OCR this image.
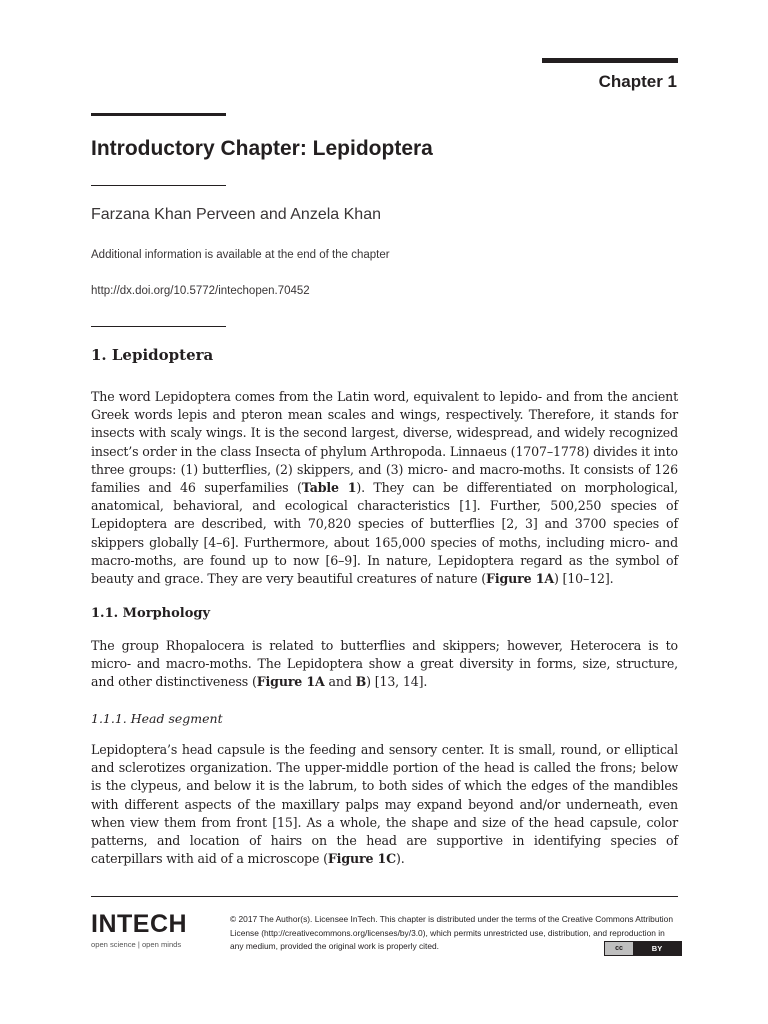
Chapter 1
Introductory Chapter: Lepidoptera
Farzana Khan Perveen and Anzela Khan
Additional information is available at the end of the chapter
http://dx.doi.org/10.5772/intechopen.70452
1. Lepidoptera
The word Lepidoptera comes from the Latin word, equivalent to lepido- and from the ancient Greek words lepis and pteron mean scales and wings, respectively. Therefore, it stands for insects with scaly wings. It is the second largest, diverse, widespread, and widely recognized insect’s order in the class Insecta of phylum Arthropoda. Linnaeus (1707–1778) divides it into three groups: (1) butterflies, (2) skippers, and (3) micro- and macro-moths. It consists of 126 families and 46 superfamilies (Table 1). They can be differentiated on morphological, anatomical, behavioral, and ecological characteristics [1]. Further, 500,250 species of Lepidoptera are described, with 70,820 species of butterflies [2, 3] and 3700 species of skippers globally [4–6]. Furthermore, about 165,000 species of moths, including micro- and macro-moths, are found up to now [6–9]. In nature, Lepidoptera regard as the symbol of beauty and grace. They are very beautiful creatures of nature (Figure 1A) [10–12].
1.1. Morphology
The group Rhopalocera is related to butterflies and skippers; however, Heterocera is to micro- and macro-moths. The Lepidoptera show a great diversity in forms, size, structure, and other distinctiveness (Figure 1A and B) [13, 14].
1.1.1. Head segment
Lepidoptera’s head capsule is the feeding and sensory center. It is small, round, or elliptical and sclerotizes organization. The upper-middle portion of the head is called the frons; below is the clypeus, and below it is the labrum, to both sides of which the edges of the mandibles with different aspects of the maxillary palps may expand beyond and/or underneath, even when view them from front [15]. As a whole, the shape and size of the head capsule, color patterns, and location of hairs on the head are supportive in identifying species of caterpillars with aid of a microscope (Figure 1C).
INTECH
open science | open minds
© 2017 The Author(s). Licensee InTech. This chapter is distributed under the terms of the Creative Commons Attribution License (http://creativecommons.org/licenses/by/3.0), which permits unrestricted use, distribution, and reproduction in any medium, provided the original work is properly cited.	cc	BY
